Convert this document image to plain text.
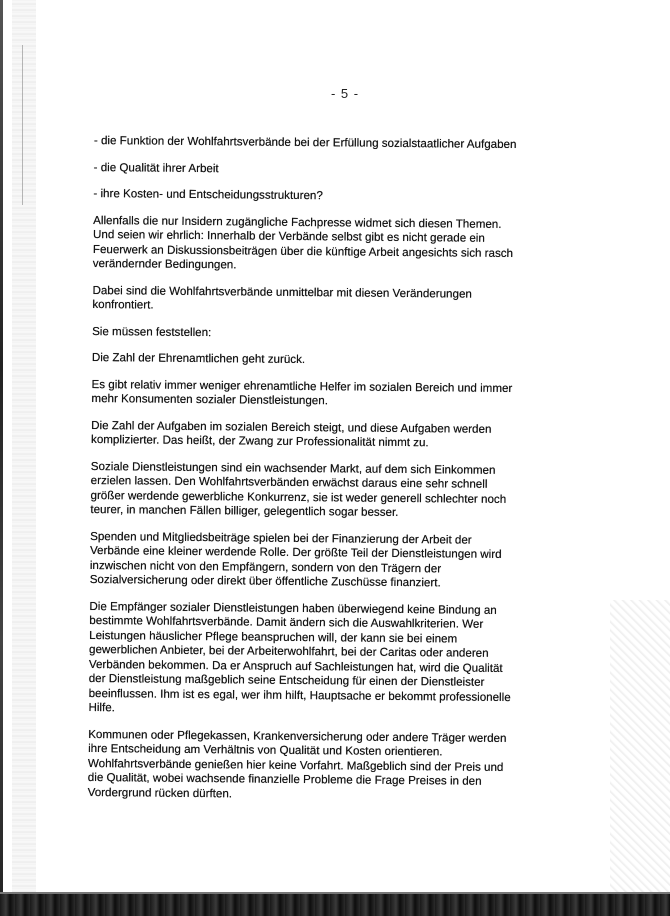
- 5 -

- die Funktion der Wohlfahrtsverbände bei der Erfüllung sozialstaatlicher Aufgaben

- die Qualität ihrer Arbeit

- ihre Kosten- und Entscheidungsstrukturen?

Allenfalls die nur Insidern zugängliche Fachpresse widmet sich diesen Themen. Und seien wir ehrlich: Innerhalb der Verbände selbst gibt es nicht gerade ein Feuerwerk an Diskussionsbeiträgen über die künftige Arbeit angesichts sich rasch verändernder Bedingungen.

Dabei sind die Wohlfahrtsverbände unmittelbar mit diesen Veränderungen konfrontiert.

Sie müssen feststellen:

Die Zahl der Ehrenamtlichen geht zurück.

Es gibt relativ immer weniger ehrenamtliche Helfer im sozialen Bereich und immer mehr Konsumenten sozialer Dienstleistungen.

Die Zahl der Aufgaben im sozialen Bereich steigt, und diese Aufgaben werden komplizierter. Das heißt, der Zwang zur Professionalität nimmt zu.

Soziale Dienstleistungen sind ein wachsender Markt, auf dem sich Einkommen erzielen lassen. Den Wohlfahrtsverbänden erwächst daraus eine sehr schnell größer werdende gewerbliche Konkurrenz, sie ist weder generell schlechter noch teurer, in manchen Fällen billiger, gelegentlich sogar besser.

Spenden und Mitgliedsbeiträge spielen bei der Finanzierung der Arbeit der Verbände eine kleiner werdende Rolle. Der größte Teil der Dienstleistungen wird inzwischen nicht von den Empfängern, sondern von den Trägern der Sozialversicherung oder direkt über öffentliche Zuschüsse finanziert.

Die Empfänger sozialer Dienstleistungen haben überwiegend keine Bindung an bestimmte Wohlfahrtsverbände. Damit ändern sich die Auswahlkriterien. Wer Leistungen häuslicher Pflege beanspruchen will, der kann sie bei einem gewerblichen Anbieter, bei der Arbeiterwohlfahrt, bei der Caritas oder anderen Verbänden bekommen. Da er Anspruch auf Sachleistungen hat, wird die Qualität der Dienstleistung maßgeblich seine Entscheidung für einen der Dienstleister beeinflussen. Ihm ist es egal, wer ihm hilft, Hauptsache er bekommt professionelle Hilfe.

Kommunen oder Pflegekassen, Krankenversicherung oder andere Träger werden ihre Entscheidung am Verhältnis von Qualität und Kosten orientieren. Wohlfahrtsverbände genießen hier keine Vorfahrt. Maßgeblich sind der Preis und die Qualität, wobei wachsende finanzielle Probleme die Frage Preises in den Vordergrund rücken dürften.
